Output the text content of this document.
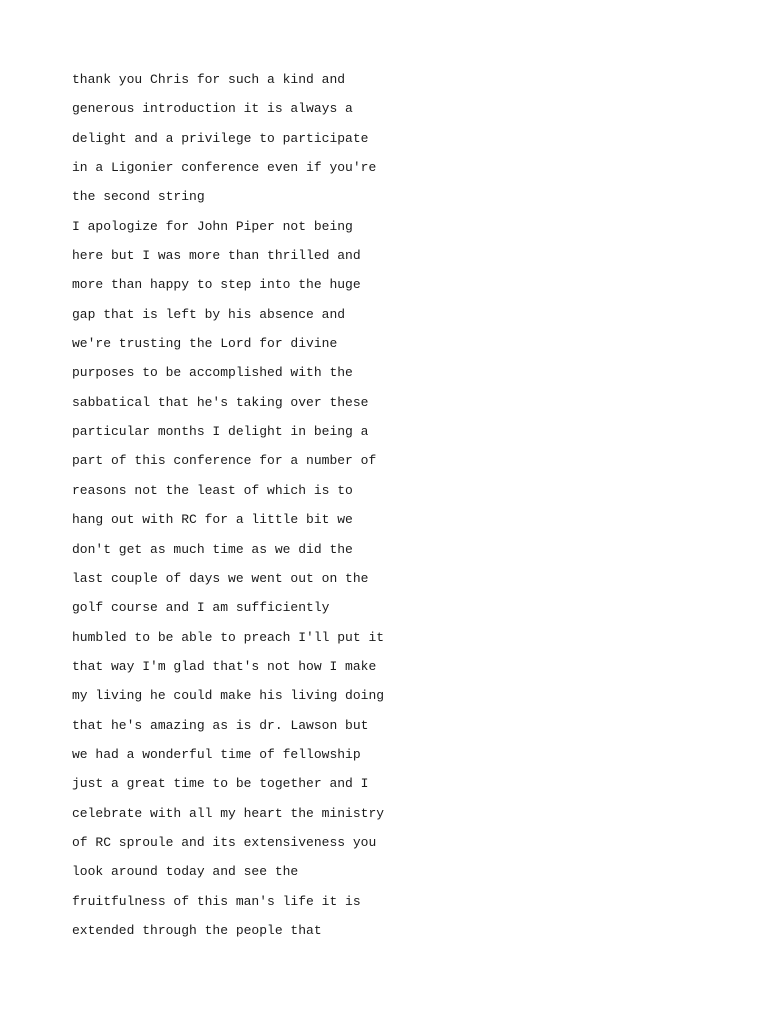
thank you Chris for such a kind and
generous introduction it is always a
delight and a privilege to participate
in a Ligonier conference even if you're
the second string
I apologize for John Piper not being
here but I was more than thrilled and
more than happy to step into the huge
gap that is left by his absence and
we're trusting the Lord for divine
purposes to be accomplished with the
sabbatical that he's taking over these
particular months I delight in being a
part of this conference for a number of
reasons not the least of which is to
hang out with RC for a little bit we
don't get as much time as we did the
last couple of days we went out on the
golf course and I am sufficiently
humbled to be able to preach I'll put it
that way I'm glad that's not how I make
my living he could make his living doing
that he's amazing as is dr. Lawson but
we had a wonderful time of fellowship
just a great time to be together and I
celebrate with all my heart the ministry
of RC sproule and its extensiveness you
look around today and see the
fruitfulness of this man's life it is
extended through the people that
